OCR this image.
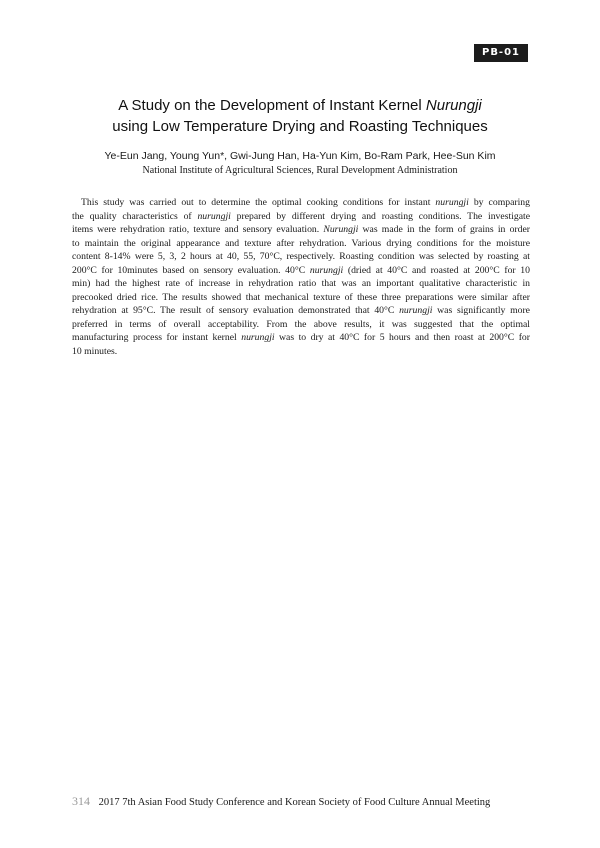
PB-01
A Study on the Development of Instant Kernel Nurungji
using Low Temperature Drying and Roasting Techniques
Ye-Eun Jang, Young Yun*, Gwi-Jung Han, Ha-Yun Kim, Bo-Ram Park, Hee-Sun Kim
National Institute of Agricultural Sciences, Rural Development Administration
This study was carried out to determine the optimal cooking conditions for instant nurungji by comparing
the quality characteristics of nurungji prepared by different drying and roasting conditions. The investigate
items were rehydration ratio, texture and sensory evaluation. Nurungji was made in the form of grains in order
to maintain the original appearance and texture after rehydration. Various drying conditions for the moisture
content 8-14% were 5, 3, 2 hours at 40, 55, 70°C, respectively. Roasting condition was selected by roasting at
200°C for 10minutes based on sensory evaluation. 40°C nurungji (dried at 40°C and roasted at 200°C for 10
min) had the highest rate of increase in rehydration ratio that was an important qualitative characteristic in
precooked dried rice. The results showed that mechanical texture of these three preparations were similar after
rehydration at 95°C. The result of sensory evaluation demonstrated that 40°C nurungji was significantly more
preferred in terms of overall acceptability. From the above results, it was suggested that the optimal
manufacturing process for instant kernel nurungji was to dry at 40°C for 5 hours and then roast at 200°C for
10 minutes.
314 2017 7th Asian Food Study Conference and Korean Society of Food Culture Annual Meeting
